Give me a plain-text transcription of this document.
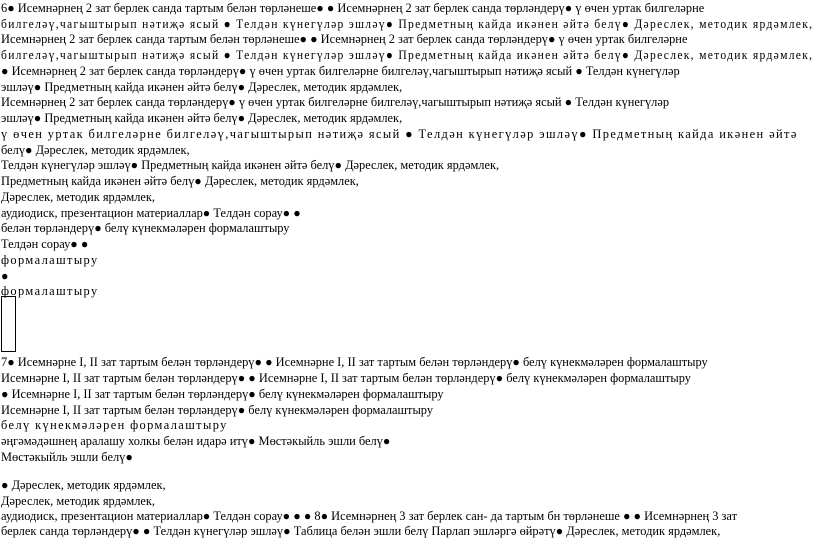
6● Исемнәрнең 2 зат берлек санда тартым белән төрләнеше● ● Исемнәрнең 2 зат берлек санда төрләндерү● ү өчен уртак билгеләрне
билгеләү,чагыштырып нәтиҗә ясый ● Телдән күнегүләр эшләү● Предметның кайда икәнен әйтә белү● Дәреслек, методик ярдәмлек,
Исемнәрнең 2 зат берлек санда тартым белән төрләнеше● ● Исемнәрнең 2 зат берлек санда төрләндерү● ү өчен уртак билгеләрне
билгеләү,чагыштырып нәтиҗә ясый ● Телдән күнегүләр эшләү● Предметның кайда икәнен әйтә белү● Дәреслек, методик ярдәмлек,
● Исемнәрнең 2 зат берлек санда төрләндерү● ү өчен уртак билгеләрне билгеләү,чагыштырып нәтиҗә ясый ● Телдән күнегүләр
эшләү● Предметның кайда икәнен әйтә белү● Дәреслек, методик ярдәмлек,
Исемнәрнең 2 зат берлек санда төрләндерү● ү өчен уртак билгеләрне билгеләү,чагыштырып нәтиҗә ясый ● Телдән күнегүләр
эшләү● Предметның кайда икәнен әйтә белү● Дәреслек, методик ярдәмлек,
ү өчен уртак билгеләрне билгеләү,чагыштырып нәтиҗә ясый ● Телдән күнегүләр эшләү● Предметның кайда икәнен әйтә
белү● Дәреслек, методик ярдәмлек,
Телдән күнегүләр эшләү● Предметның кайда икәнен әйтә белү● Дәреслек, методик ярдәмлек,
Предметның кайда икәнен әйтә белү● Дәреслек, методик ярдәмлек,
Дәреслек, методик ярдәмлек,
аудиодиск, презентацион материаллар● Телдән сорау● ●
белән төрләндерү● белү күнекмәләрен формалаштыру
Телдән сорау● ●
формалаштыру
●
формалаштыру
7● Исемнәрне I, II зат тартым белән төрләндерү● ● Исемнәрне I, II зат тартым белән төрләндерү● белү күнекмәләрен формалаштыру
Исемнәрне I, II зат тартым белән төрләндерү● ● Исемнәрне I, II зат тартым белән төрләндерү● белү күнекмәләрен формалаштыру
● Исемнәрне I, II зат тартым белән төрләндерү● белү күнекмәләрен формалаштыру
Исемнәрне I, II зат тартым белән төрләндерү● белү күнекмәләрен формалаштыру
белү күнекмәләрен формалаштыру
әңгәмәдәшнең аралашу холкы белән идарә итү● Мөстәкыйль эшли белү●
Мөстәкыйль эшли белү●
● Дәреслек, методик ярдәмлек,
Дәреслек, методик ярдәмлек,
аудиодиск, презентацион материаллар● Телдән сорау● ● ● 8● Исемнәрнең 3 зат берлек сан- да тартым бн төрләнеше ● ● Исемнәрнең 3 зат
берлек санда төрләндерү● ● Телдән күнегүләр эшләү● Таблица белән эшли белү Парлап эшләргә өйрәтү● Дәреслек, методик ярдәмлек,
